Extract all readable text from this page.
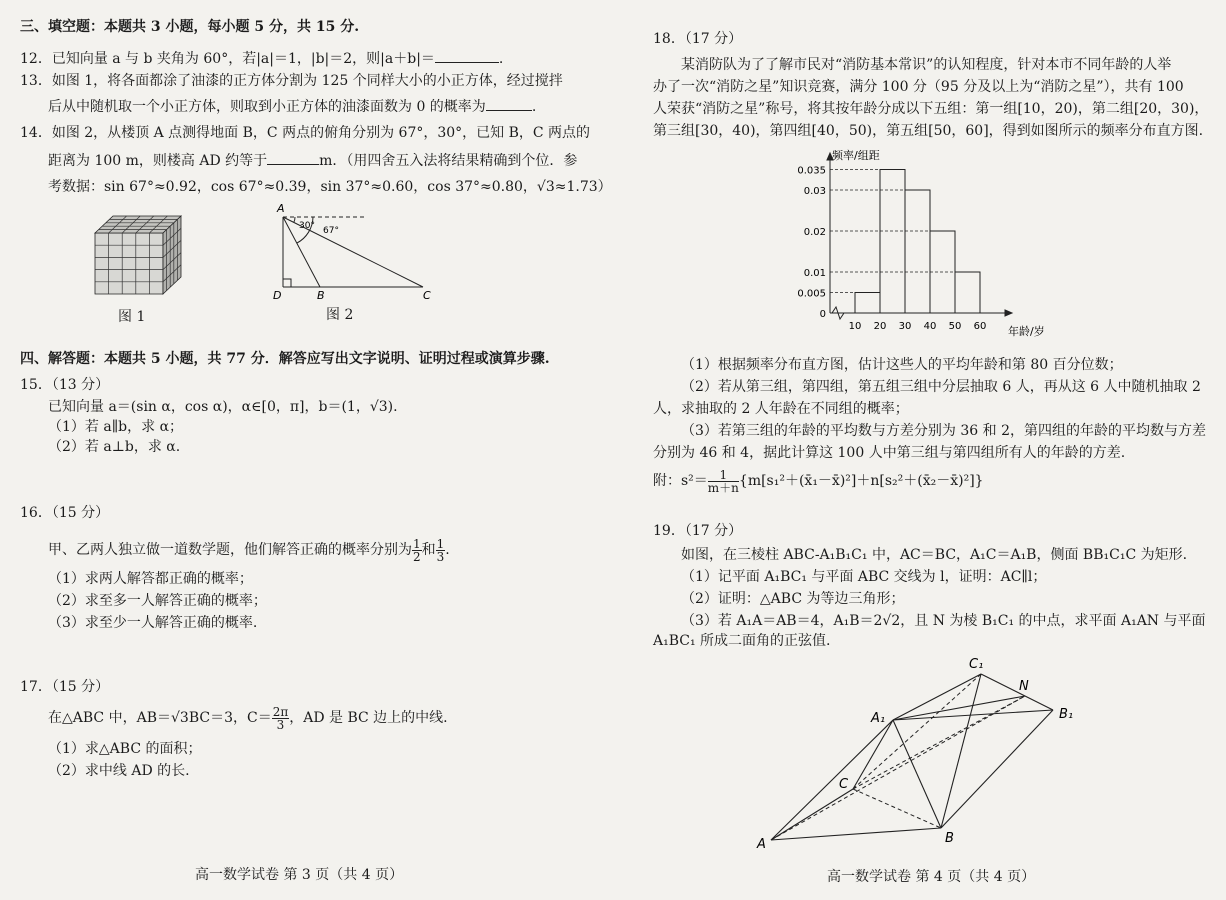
三、填空题：本题共 3 小题，每小题 5 分，共 15 分.
12．已知向量 a 与 b 夹角为 60°，若|a|＝1，|b|＝2，则|a＋b|＝	.
13．如图 1，将各面都涂了油漆的正方体分割为 125 个同样大小的小正方体，经过搅拌
后从中随机取一个小正方体，则取到小正方体的油漆面数为 0 的概率为	.
14．如图 2，从楼顶 A 点测得地面 B，C 两点的俯角分别为 67°，30°，已知 B，C 两点的
距离为 100 m，则楼高 AD 约等于	m．（用四舍五入法将结果精确到个位．参
考数据：sin 67°≈0.92，cos 67°≈0.39，sin 37°≈0.60，cos 37°≈0.80，√3≈1.73）
图 1
A
D	B	C
30° 67°
图 2
四、解答题：本题共 5 小题，共 77 分．解答应写出文字说明、证明过程或演算步骤.
15．（13 分）
已知向量 a＝(sin α，cos α)，α∈[0，π]，b＝(1，√3).
（1）若 a∥b，求 α；
（2）若 a⊥b，求 α.
16．（15 分）
甲、乙两人独立做一道数学题，他们解答正确的概率分别为 $\frac{1}{2}$ 和 $\frac{1}{3}$ .
（1）求两人解答都正确的概率；
（2）求至多一人解答正确的概率；
（3）求至少一人解答正确的概率.
17．（15 分）
在△ABC 中，AB＝√3BC＝3，$C= \frac{2\pi}{3}$ ，AD 是 BC 边上的中线.
（1）求△ABC 的面积；
（2）求中线 AD 的长.
高一数学试卷 第 3 页（共 4 页）
18．（17 分）
某消防队为了了解市民对“消防基本常识”的认知程度，针对本市不同年龄的人举
办了一次“消防之星”知识竞赛，满分 100 分（95 分及以上为“消防之星”），共有 100
人荣获“消防之星”称号，将其按年龄分成以下五组：第一组[10，20)，第二组[20，30)，
第三组[30，40)，第四组[40，50)，第五组[50，60]，得到如图所示的频率分布直方图.
0
0.005
0.01
0.02
0.03
0.035
10 20 30 40 50 60
频率/组距
年龄/岁
（1）根据频率分布直方图，估计这些人的平均年龄和第 80 百分位数；
（2）若从第三组，第四组，第五组三组中分层抽取 6 人，再从这 6 人中随机抽取 2
人，求抽取的 2 人年龄在不同组的概率；
（3）若第三组的年龄的平均数与方差分别为 36 和 2，第四组的年龄的平均数与方差
分别为 46 和 4，据此计算这 100 人中第三组与第四组所有人的年龄的方差.
附：$s^2= \frac{1}{m+n}$ {m[s₁²＋(x̄₁－x̄)²]＋n[s₂²＋(x̄₂－x̄)²]}
19．（17 分）
如图，在三棱柱 ABC-A₁B₁C₁ 中，AC＝BC，A₁C＝A₁B，侧面 BB₁C₁C 为矩形.
（1）记平面 A₁BC₁ 与平面 ABC 交线为 l，证明：AC∥l；
（2）证明：△ABC 为等边三角形；
（3）若 A₁A＝AB＝4，A₁B＝2√2，且 N 为棱 B₁C₁ 的中点，求平面 A₁AN 与平面
A₁BC₁ 所成二面角的正弦值.
A	B
C
A₁	B₁
C₁
N
高一数学试卷 第 4 页（共 4 页）
